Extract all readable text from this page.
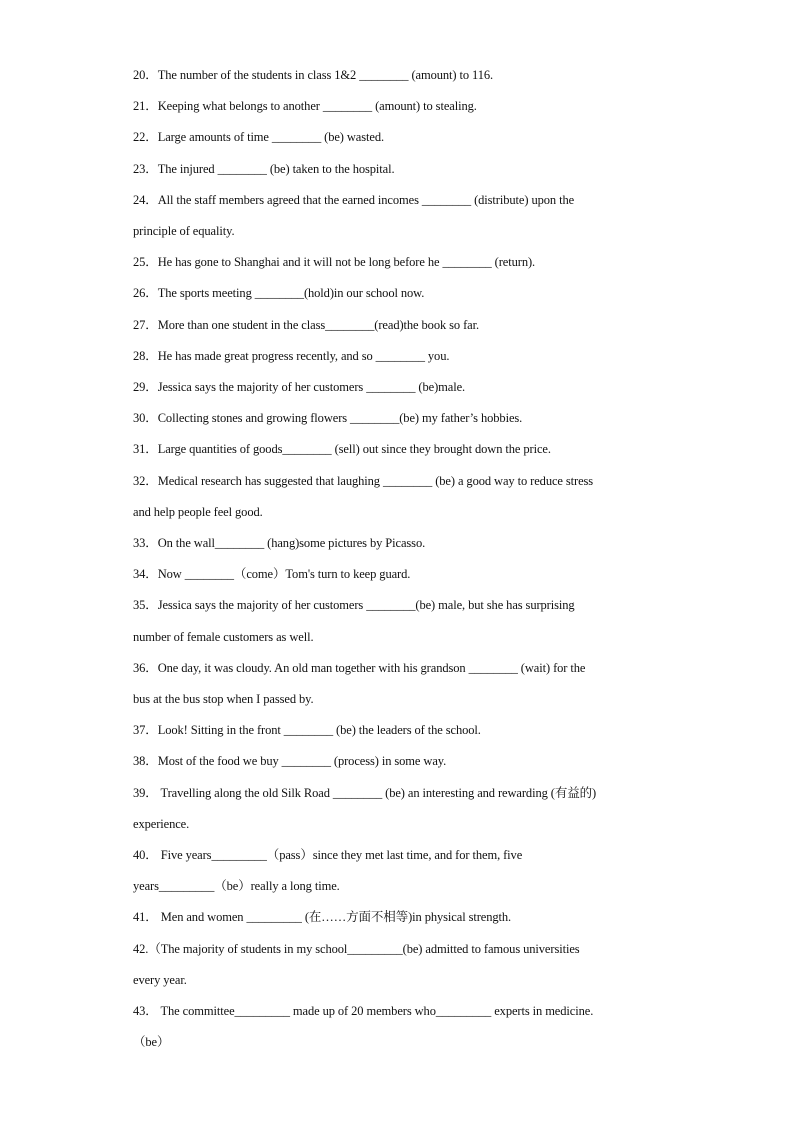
20．The number of the students in class 1&2 ________ (amount) to 116.
21．Keeping what belongs to another ________ (amount) to stealing.
22．Large amounts of time ________ (be) wasted.
23．The injured ________ (be) taken to the hospital.
24．All the staff members agreed that the earned incomes ________ (distribute) upon the
principle of equality.
25．He has gone to Shanghai and it will not be long before he ________ (return).
26．The sports meeting ________(hold)in our school now.
27．More than one student in the class________(read)the book so far.
28．He has made great progress recently, and so ________ you.
29．Jessica says the majority of her customers ________ (be)male.
30．Collecting stones and growing flowers ________(be) my father’s hobbies.
31．Large quantities of goods________ (sell) out since they brought down the price.
32．Medical research has suggested that laughing ________ (be) a good way to reduce stress
and help people feel good.
33．On the wall________ (hang)some pictures by Picasso.
34．Now ________（come）Tom's turn to keep guard.
35．Jessica says the majority of her customers ________(be) male, but she has surprising
number of female customers as well.
36．One day, it was cloudy. An old man together with his grandson ________ (wait) for the
bus at the bus stop when I passed by.
37．Look! Sitting in the front ________ (be) the leaders of the school.
38．Most of the food we buy ________ (process) in some way.
39． Travelling along the old Silk Road ________ (be) an interesting and rewarding (有益的)
experience.
40． Five years_________（pass）since they met last time, and for them, five
years_________（be）really a long time.
41． Men and women _________ (在……方面不相等)in physical strength.
42.（The majority of students in my school_________(be) admitted to famous universities
every year.
43． The committee_________ made up of 20 members who_________ experts in medicine.
（be）
